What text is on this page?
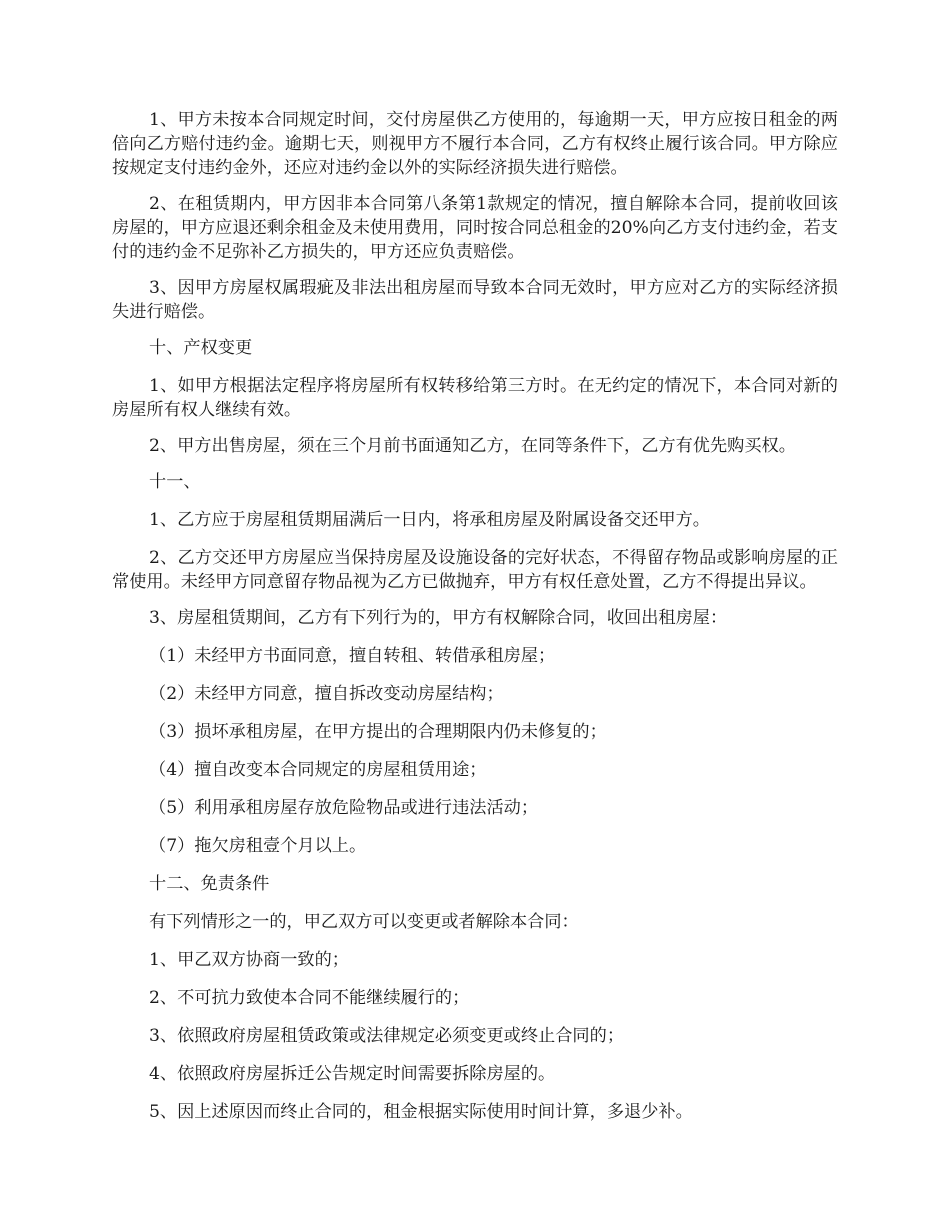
1、甲方未按本合同规定时间，交付房屋供乙方使用的，每逾期一天，甲方应按日租金的两倍向乙方赔付违约金。逾期七天，则视甲方不履行本合同，乙方有权终止履行该合同。甲方除应按规定支付违约金外，还应对违约金以外的实际经济损失进行赔偿。

2、在租赁期内，甲方因非本合同第八条第1款规定的情况，擅自解除本合同，提前收回该房屋的，甲方应退还剩余租金及未使用费用，同时按合同总租金的20%向乙方支付违约金，若支付的违约金不足弥补乙方损失的，甲方还应负责赔偿。

3、因甲方房屋权属瑕疵及非法出租房屋而导致本合同无效时，甲方应对乙方的实际经济损失进行赔偿。

十、产权变更

1、如甲方根据法定程序将房屋所有权转移给第三方时。在无约定的情况下，本合同对新的房屋所有权人继续有效。

2、甲方出售房屋，须在三个月前书面通知乙方，在同等条件下，乙方有优先购买权。

十一、

1、乙方应于房屋租赁期届满后一日内，将承租房屋及附属设备交还甲方。

2、乙方交还甲方房屋应当保持房屋及设施设备的完好状态，不得留存物品或影响房屋的正常使用。未经甲方同意留存物品视为乙方已做抛弃，甲方有权任意处置，乙方不得提出异议。

3、房屋租赁期间，乙方有下列行为的，甲方有权解除合同，收回出租房屋：

（1）未经甲方书面同意，擅自转租、转借承租房屋；

（2）未经甲方同意，擅自拆改变动房屋结构；

（3）损坏承租房屋，在甲方提出的合理期限内仍未修复的；

（4）擅自改变本合同规定的房屋租赁用途；

（5）利用承租房屋存放危险物品或进行违法活动；

（7）拖欠房租壹个月以上。

十二、免责条件

有下列情形之一的，甲乙双方可以变更或者解除本合同：

1、甲乙双方协商一致的；

2、不可抗力致使本合同不能继续履行的；

3、依照政府房屋租赁政策或法律规定必须变更或终止合同的；

4、依照政府房屋拆迁公告规定时间需要拆除房屋的。

5、因上述原因而终止合同的，租金根据实际使用时间计算，多退少补。
